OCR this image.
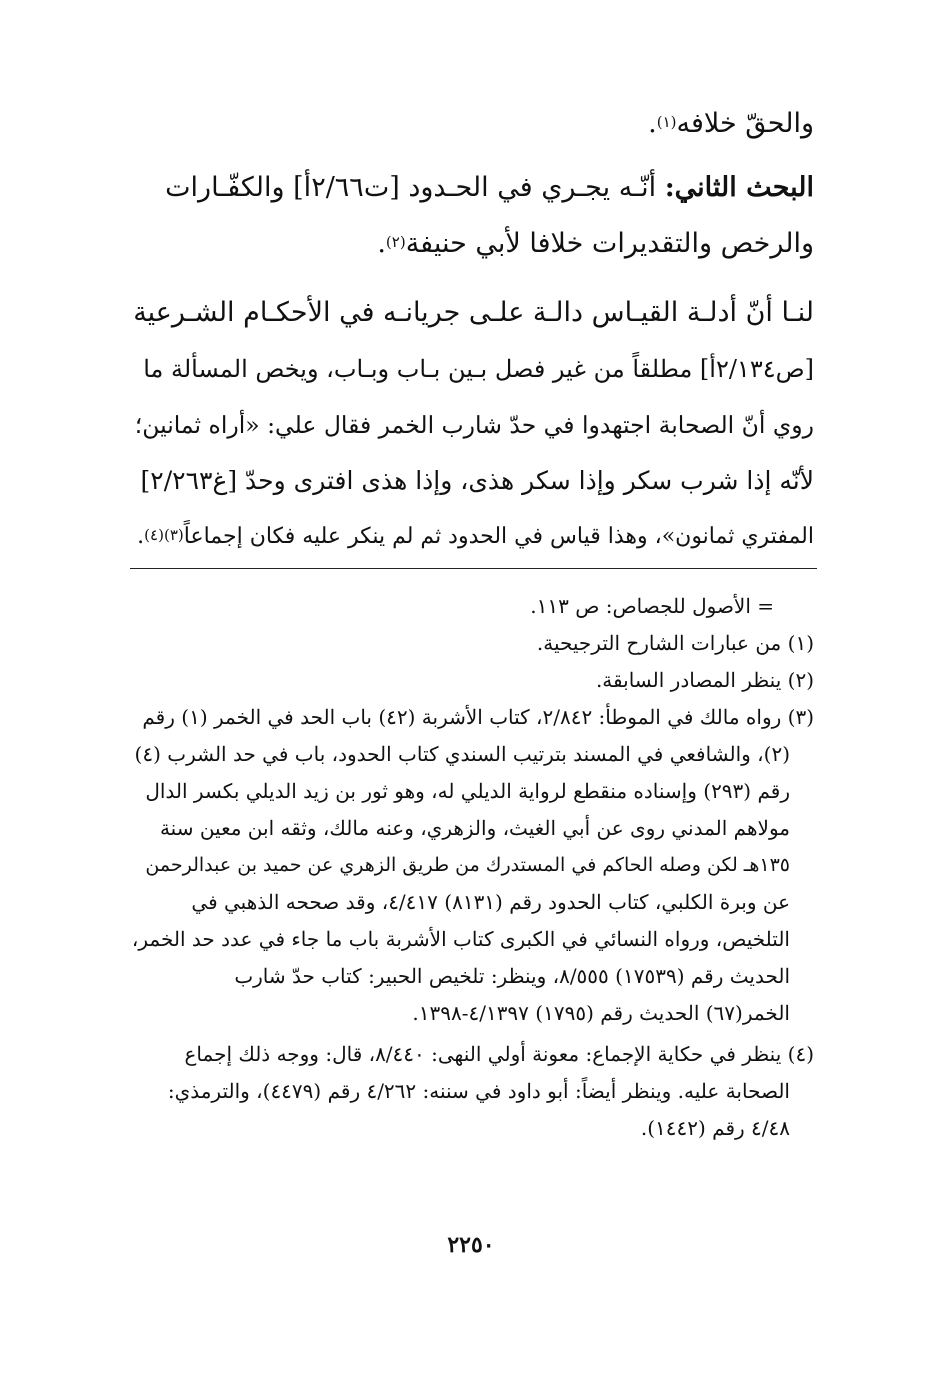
والحقّ خلافه$^{(١)}$.
البحث الثاني: أنّـه يجـري في الحـدود [ت٢/٦٦أ] والكفّـارات
والرخص والتقديرات خلافا لأبي حنيفة$^{(٢)}$.
لنـا أنّ أدلـة القيـاس دالـة علـى جريانـه في الأحكـام الشـرعية
[ص٢/١٣٤أ] مطلقاً من غير فصل بـين بـاب وبـاب، ويخص المسألة ما
روي أنّ الصحابة اجتهدوا في حدّ شارب الخمر فقال علي: «أراه ثمانين؛
لأنّه إذا شرب سكر وإذا سكر هذى، وإذا هذى افترى وحدّ [غ٢/٢٦٣]
المفتري ثمانون»، وهذا قياس في الحدود ثم لم ينكر عليه فكان إجماعاً$^{(٣)(٤)}$.
= الأصول للجصاص: ص ١١٣.
(١) من عبارات الشارح الترجيحية.
(٢) ينظر المصادر السابقة.
(٣) رواه مالك في الموطأ: ٢/٨٤٢، كتاب الأشربة (٤٢) باب الحد في الخمر (١) رقم
(٢)، والشافعي في المسند بترتيب السندي كتاب الحدود، باب في حد الشرب (٤)
رقم (٢٩٣) وإسناده منقطع لرواية الديلي له، وهو ثور بن زيد الديلي بكسر الدال
مولاهم المدني روى عن أبي الغيث، والزهري، وعنه مالك، وثقه ابن معين سنة
١٣٥هـ لكن وصله الحاكم في المستدرك من طريق الزهري عن حميد بن عبدالرحمن
عن وبرة الكلبي، كتاب الحدود رقم (٨١٣١) ٤/٤١٧، وقد صححه الذهبي في
التلخيص، ورواه النسائي في الكبرى كتاب الأشربة باب ما جاء في عدد حد الخمر،
الحديث رقم (١٧٥٣٩) ٨/٥٥٥، وينظر: تلخيص الحبير: كتاب حدّ شارب
الخمر(٦٧) الحديث رقم (١٧٩٥) ٤/١٣٩٧-١٣٩٨.
(٤) ينظر في حكاية الإجماع: معونة أولي النهى: ٨/٤٤٠، قال: ووجه ذلك إجماع
الصحابة عليه. وينظر أيضاً: أبو داود في سننه: ٤/٢٦٢ رقم (٤٤٧٩)، والترمذي:
٤/٤٨ رقم (١٤٤٢).
٢٢٥٠
